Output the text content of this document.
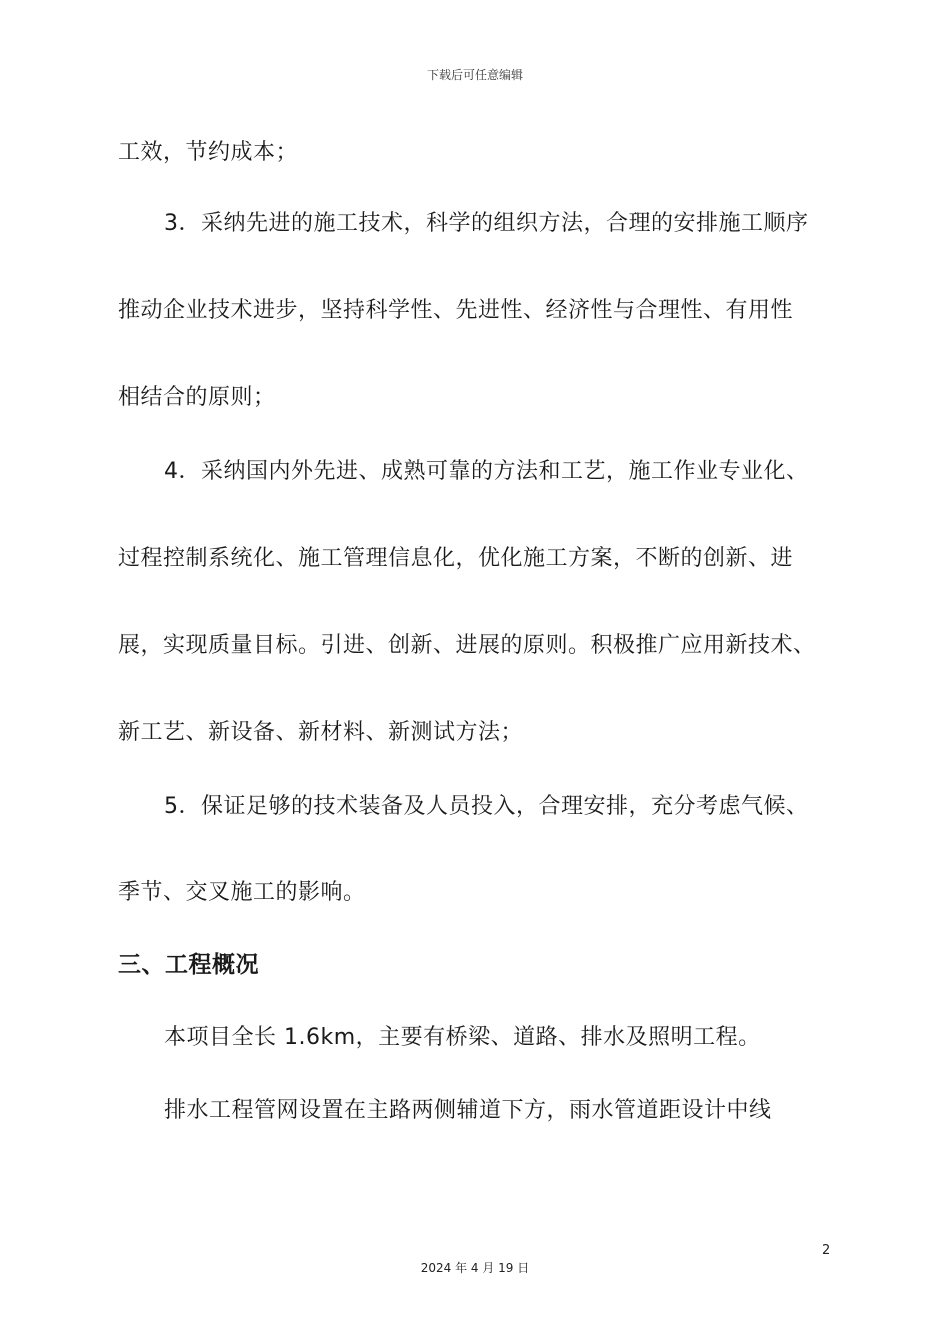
下载后可任意编辑
工效，节约成本；
3．采纳先进的施工技术，科学的组织方法，合理的安排施工顺序
推动企业技术进步，坚持科学性、先进性、经济性与合理性、有用性
相结合的原则；
4．采纳国内外先进、成熟可靠的方法和工艺，施工作业专业化、
过程控制系统化、施工管理信息化，优化施工方案，不断的创新、进
展，实现质量目标。引进、创新、进展的原则。积极推广应用新技术、
新工艺、新设备、新材料、新测试方法；
5．保证足够的技术装备及人员投入，合理安排，充分考虑气候、
季节、交叉施工的影响。
三、工程概况
本项目全长 1.6km，主要有桥梁、道路、排水及照明工程。
排水工程管网设置在主路两侧辅道下方，雨水管道距设计中线
2
2024 年 4 月 19 日
